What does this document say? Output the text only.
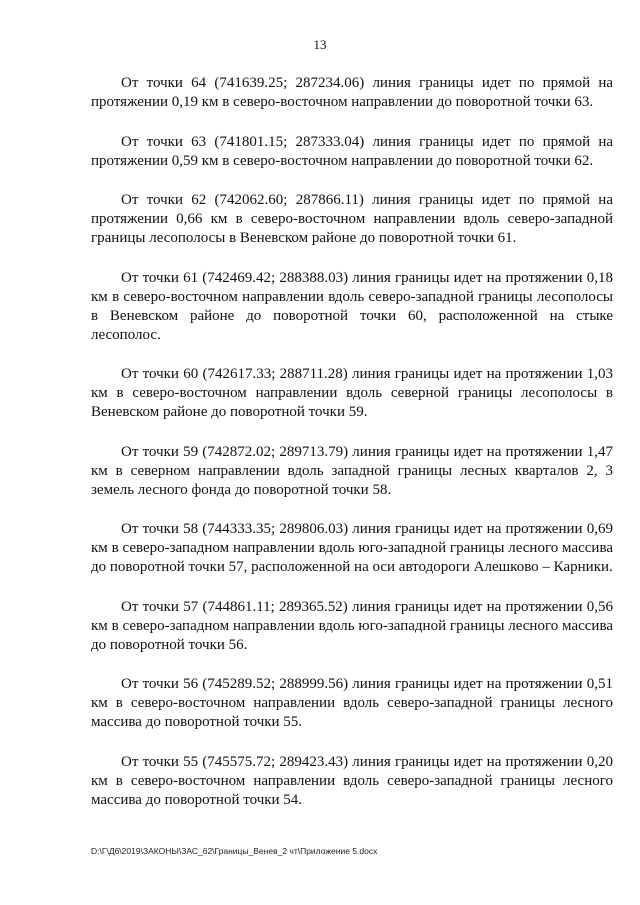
13

От точки 64 (741639.25; 287234.06) линия границы идет по прямой на протяжении 0,19 км в северо-восточном направлении до поворотной точки 63.

От точки 63 (741801.15; 287333.04) линия границы идет по прямой на протяжении 0,59 км в северо-восточном направлении до поворотной точки 62.

От точки 62 (742062.60; 287866.11) линия границы идет по прямой на протяжении 0,66 км в северо-восточном направлении вдоль северо-западной границы лесополосы в Веневском районе до поворотной точки 61.

От точки 61 (742469.42; 288388.03) линия границы идет на протяжении 0,18 км в северо-восточном направлении вдоль северо-западной границы лесополосы в Веневском районе до поворотной точки 60, расположенной на стыке лесополос.

От точки 60 (742617.33; 288711.28) линия границы идет на протяжении 1,03 км в северо-восточном направлении вдоль северной границы лесополосы в Веневском районе до поворотной точки 59.

От точки 59 (742872.02; 289713.79) линия границы идет на протяжении 1,47 км в северном направлении вдоль западной границы лесных кварталов 2, 3 земель лесного фонда до поворотной точки 58.

От точки 58 (744333.35; 289806.03) линия границы идет на протяжении 0,69 км в северо-западном направлении вдоль юго-западной границы лесного массива до поворотной точки 57, расположенной на оси автодороги Алешково – Карники.

От точки 57 (744861.11; 289365.52) линия границы идет на протяжении 0,56 км в северо-западном направлении вдоль юго-западной границы лесного массива до поворотной точки 56.

От точки 56 (745289.52; 288999.56) линия границы идет на протяжении 0,51 км в северо-восточном направлении вдоль северо-западной границы лесного массива до поворотной точки 55.

От точки 55 (745575.72; 289423.43) линия границы идет на протяжении 0,20 км в северо-восточном направлении вдоль северо-западной границы лесного массива до поворотной точки 54.

D:\Г\Д6\2019\ЗАКОНЫ\ЗАС_62\Границы_Венев_2 чт\Приложение 5.docx
